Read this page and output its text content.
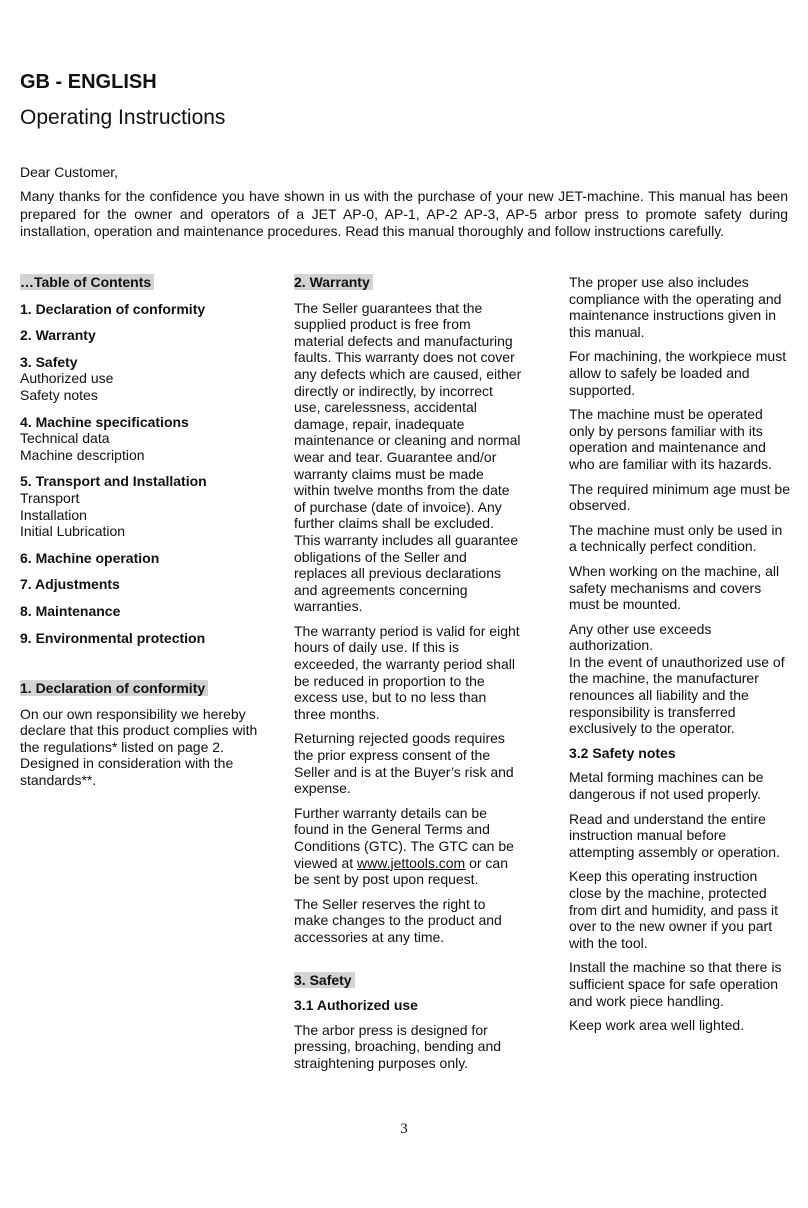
GB - ENGLISH
Operating Instructions

Dear Customer,

Many thanks for the confidence you have shown in us with the purchase of your new JET-machine. This manual has been prepared for the owner and operators of a JET AP-0, AP-1, AP-2 AP-3, AP-5 arbor press to promote safety during installation, operation and maintenance procedures. Read this manual thoroughly and follow instructions carefully.

…Table of Contents
1. Declaration of conformity
2. Warranty
3. Safety
Authorized use
Safety notes
4. Machine specifications
Technical data
Machine description
5. Transport and Installation
Transport
Installation
Initial Lubrication
6. Machine operation
7. Adjustments
8. Maintenance
9. Environmental protection
1. Declaration of conformity

On our own responsibility we hereby declare that this product complies with the regulations* listed on page 2. Designed in consideration with the standards**.

2. Warranty

The Seller guarantees that the supplied product is free from material defects and manufacturing faults. This warranty does not cover any defects which are caused, either directly or indirectly, by incorrect use, carelessness, accidental damage, repair, inadequate maintenance or cleaning and normal wear and tear. Guarantee and/or warranty claims must be made within twelve months from the date of purchase (date of invoice). Any further claims shall be excluded. This warranty includes all guarantee obligations of the Seller and replaces all previous declarations and agreements concerning warranties.

The warranty period is valid for eight hours of daily use. If this is exceeded, the warranty period shall be reduced in proportion to the excess use, but to no less than three months.

Returning rejected goods requires the prior express consent of the Seller and is at the Buyer’s risk and expense.

Further warranty details can be found in the General Terms and Conditions (GTC). The GTC can be viewed at www.jettools.com or can be sent by post upon request.

The Seller reserves the right to make changes to the product and accessories at any time.

3. Safety

3.1 Authorized use

The arbor press is designed for pressing, broaching, bending and straightening purposes only.

The proper use also includes compliance with the operating and maintenance instructions given in this manual.

For machining, the workpiece must allow to safely be loaded and supported.

The machine must be operated only by persons familiar with its operation and maintenance and who are familiar with its hazards.

The required minimum age must be observed.

The machine must only be used in a technically perfect condition.

When working on the machine, all safety mechanisms and covers must be mounted.

Any other use exceeds authorization.
In the event of unauthorized use of the machine, the manufacturer renounces all liability and the responsibility is transferred exclusively to the operator.

3.2 Safety notes

Metal forming machines can be dangerous if not used properly.

Read and understand the entire instruction manual before attempting assembly or operation.

Keep this operating instruction close by the machine, protected from dirt and humidity, and pass it over to the new owner if you part with the tool.

Install the machine so that there is sufficient space for safe operation and work piece handling.

Keep work area well lighted.

3
